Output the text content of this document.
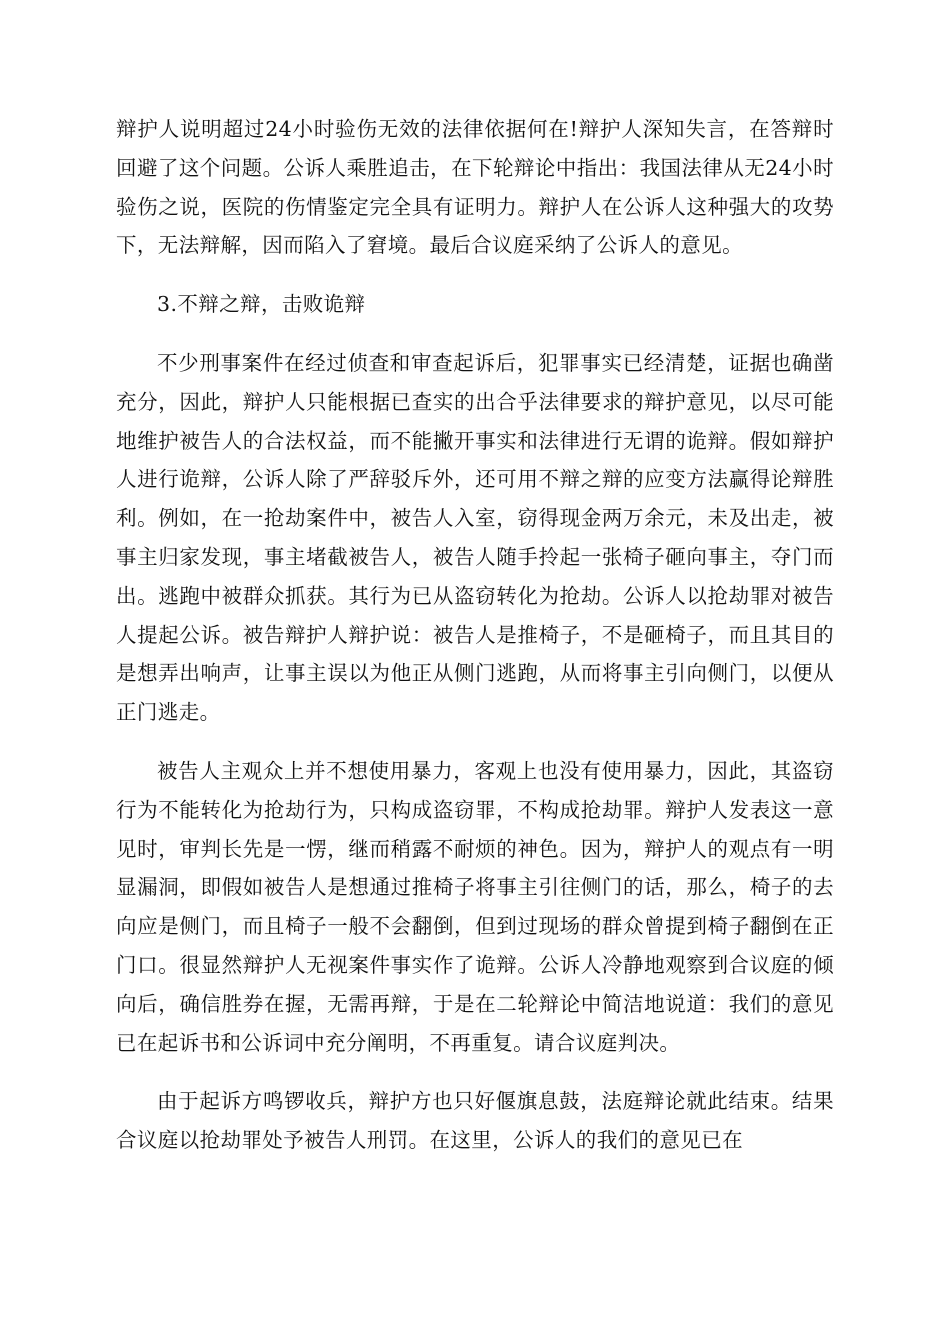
辩护人说明超过24小时验伤无效的法律依据何在!辩护人深知失言，在答辩时回避了这个问题。公诉人乘胜追击，在下轮辩论中指出：我国法律从无24小时验伤之说，医院的伤情鉴定完全具有证明力。辩护人在公诉人这种强大的攻势下，无法辩解，因而陷入了窘境。最后合议庭采纳了公诉人的意见。

3.不辩之辩，击败诡辩

不少刑事案件在经过侦查和审查起诉后，犯罪事实已经清楚，证据也确凿充分，因此，辩护人只能根据已查实的出合乎法律要求的辩护意见，以尽可能地维护被告人的合法权益，而不能撇开事实和法律进行无谓的诡辩。假如辩护人进行诡辩，公诉人除了严辞驳斥外，还可用不辩之辩的应变方法赢得论辩胜利。例如，在一抢劫案件中，被告人入室，窃得现金两万余元，未及出走，被事主归家发现，事主堵截被告人，被告人随手拎起一张椅子砸向事主，夺门而出。逃跑中被群众抓获。其行为已从盗窃转化为抢劫。公诉人以抢劫罪对被告人提起公诉。被告辩护人辩护说：被告人是推椅子，不是砸椅子，而且其目的是想弄出响声，让事主误以为他正从侧门逃跑，从而将事主引向侧门，以便从正门逃走。

被告人主观众上并不想使用暴力，客观上也没有使用暴力，因此，其盗窃行为不能转化为抢劫行为，只构成盗窃罪，不构成抢劫罪。辩护人发表这一意见时，审判长先是一愣，继而稍露不耐烦的神色。因为，辩护人的观点有一明显漏洞，即假如被告人是想通过推椅子将事主引往侧门的话，那么，椅子的去向应是侧门，而且椅子一般不会翻倒，但到过现场的群众曾提到椅子翻倒在正门口。很显然辩护人无视案件事实作了诡辩。公诉人冷静地观察到合议庭的倾向后，确信胜券在握，无需再辩，于是在二轮辩论中简洁地说道：我们的意见已在起诉书和公诉词中充分阐明，不再重复。请合议庭判决。

由于起诉方鸣锣收兵，辩护方也只好偃旗息鼓，法庭辩论就此结束。结果合议庭以抢劫罪处予被告人刑罚。在这里，公诉人的我们的意见已在
